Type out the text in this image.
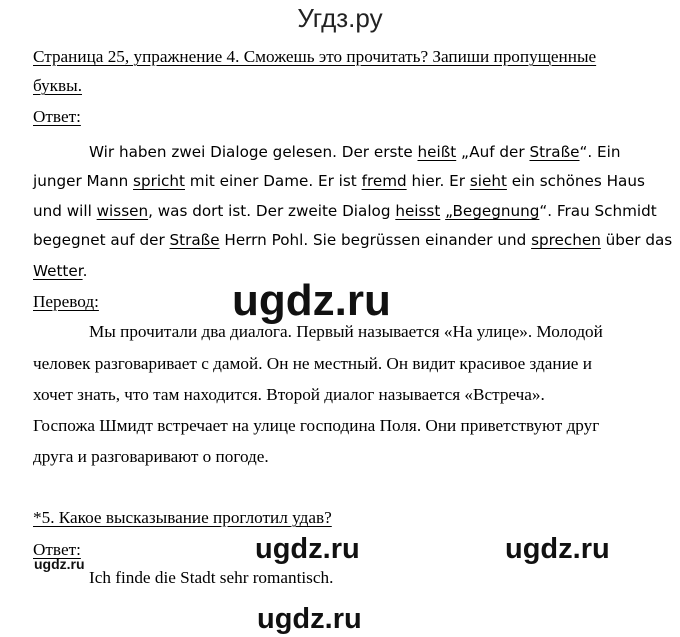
Угдз.ру
Страница 25, упражнение 4. Сможешь это прочитать? Запиши пропущенные
буквы.
Ответ:
Wir haben zwei Dialoge gelesen. Der erste heißt „Auf der Straße“. Ein
junger Mann spricht mit einer Dame. Er ist fremd hier. Er sieht ein schönes Haus
und will wissen, was dort ist. Der zweite Dialog heisst „Begegnung“. Frau Schmidt
begegnet auf der Straße Herrn Pohl. Sie begrüssen einander und sprechen über das
Wetter.
Перевод:
Мы прочитали два диалога. Первый называется «На улице». Молодой
человек разговаривает с дамой. Он не местный. Он видит красивое здание и
хочет знать, что там находится. Второй диалог называется «Встреча».
Госпожа Шмидт встречает на улице господина Поля. Они приветствуют друг
друга и разговаривают о погоде.
*5. Какое высказывание проглотил удав?
Ответ:
Ich finde die Stadt sehr romantisch.
ugdz.ru
ugdz.ru	ugdz.ru
ugdz.ru
ugdz.ru
